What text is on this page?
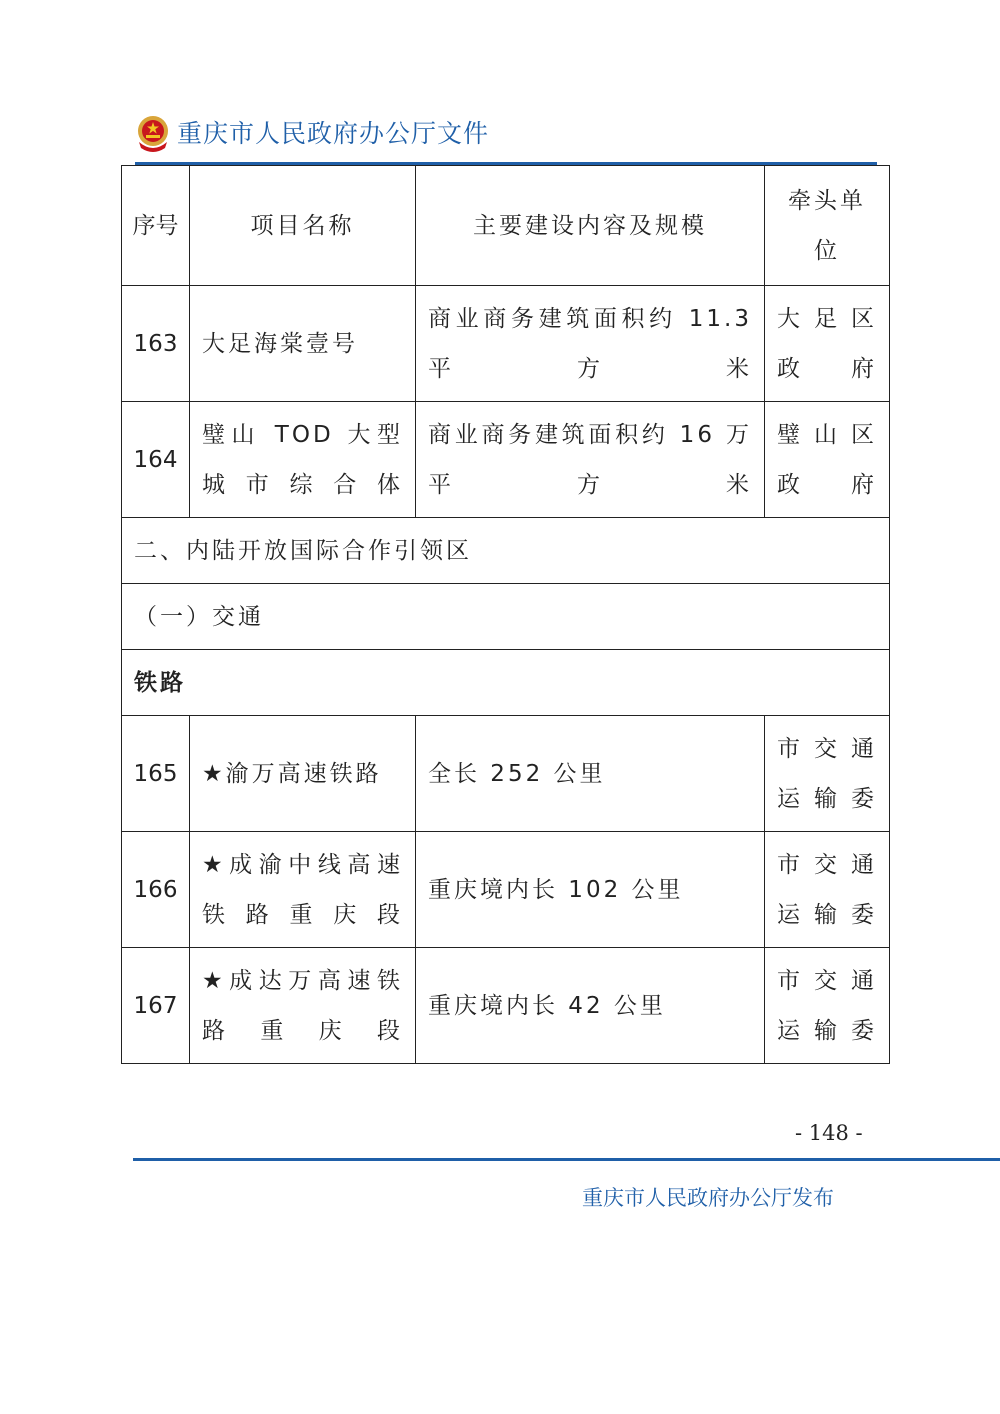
重庆市人民政府办公厅文件
序号	项目名称	主要建设内容及规模	牵头单位
163	大足海棠壹号	商业商务建筑面积约 11.3 平方米	大足区政府
164	璧山 TOD 大型城市综合体	商业商务建筑面积约 16 万平方米	璧山区政府
二、内陆开放国际合作引领区			
（一）交通			
铁路			
165	★渝万高速铁路	全长 252 公里	市交通运输委
166	★成渝中线高速铁路重庆段	重庆境内长 102 公里	市交通运输委
167	★成达万高速铁路重庆段	重庆境内长 42 公里	市交通运输委
- 148 -
重庆市人民政府办公厅发布
